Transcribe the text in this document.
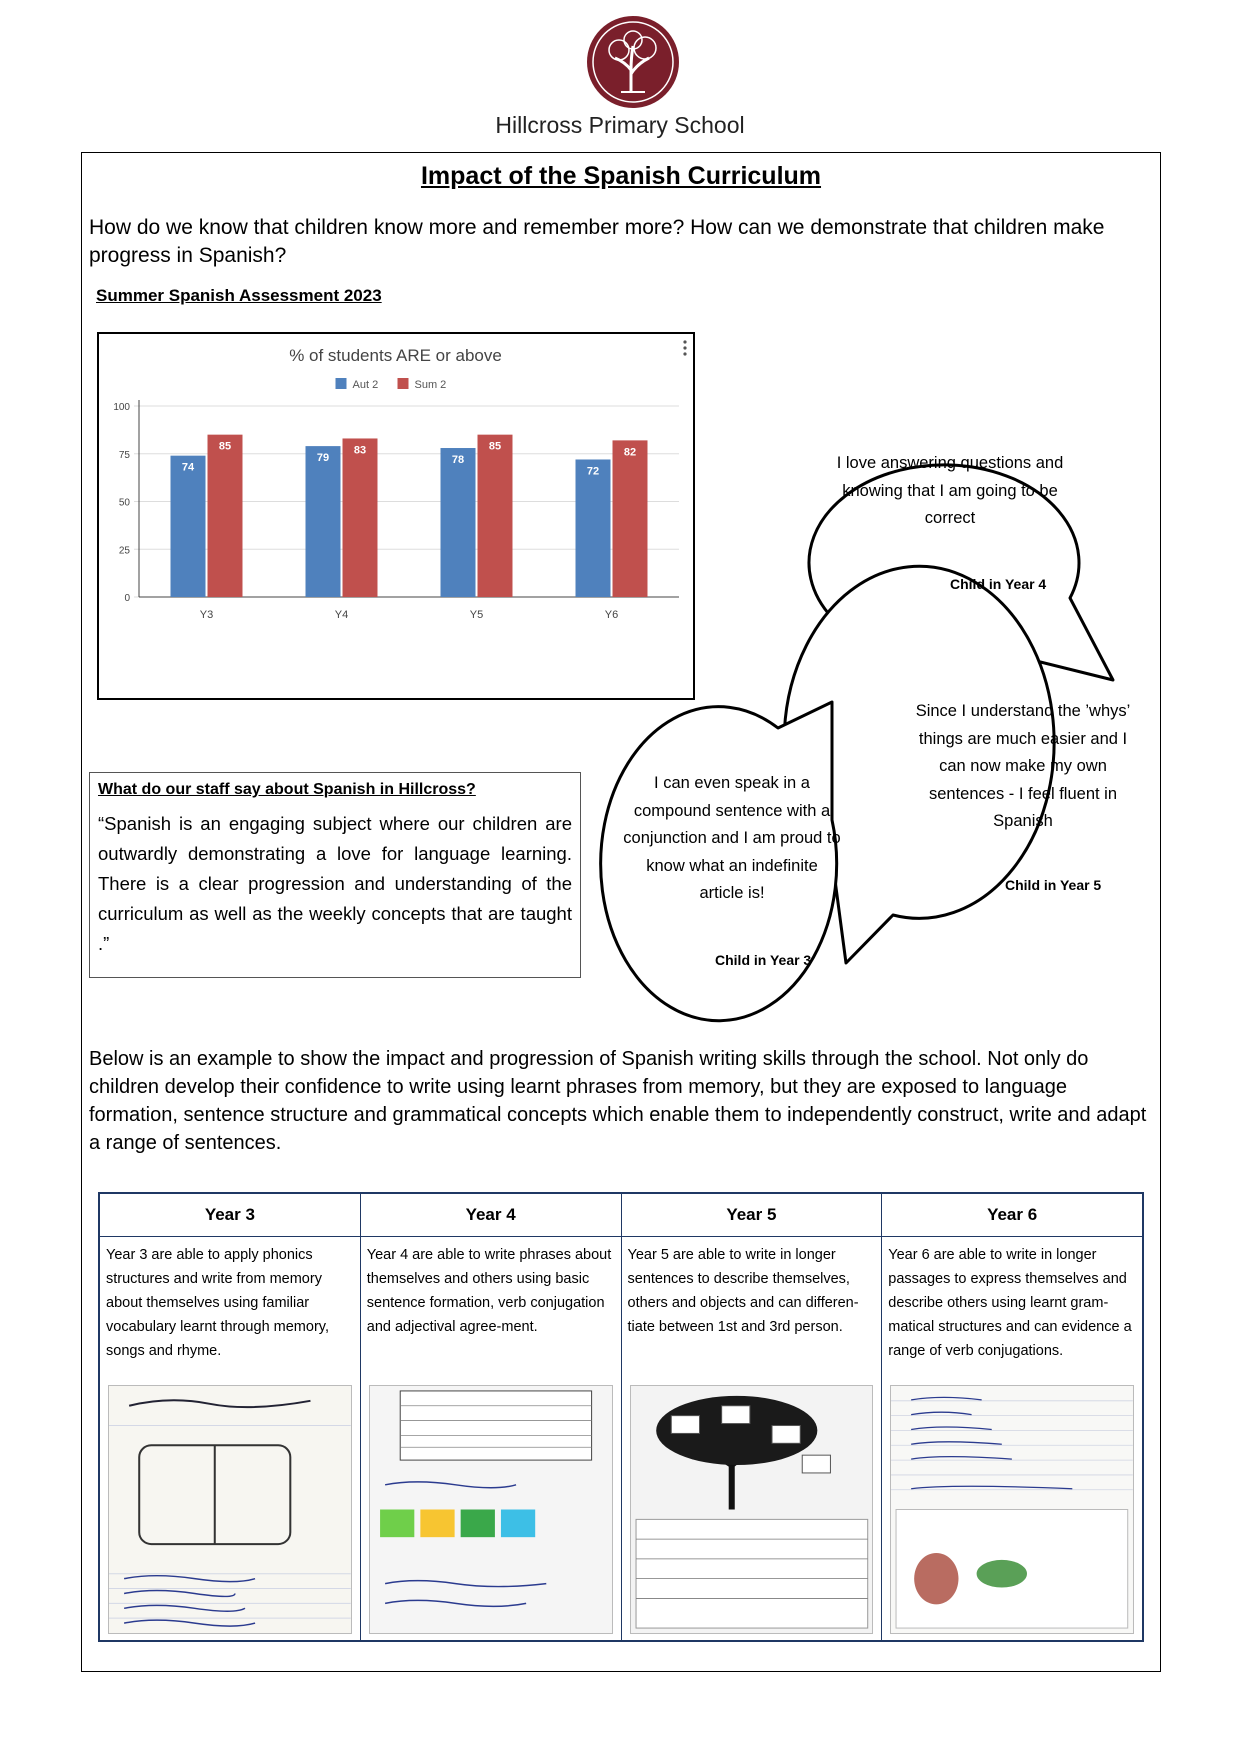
Hillcross Primary School
Impact of the Spanish Curriculum
How do we know that children know more and remember more? How can we demonstrate that children make progress in Spanish?
Summer Spanish Assessment 2023
% of students ARE or above
Aut 2	Sum 2
0
25
50
75
100
74
85
Y3
79
83
Y4
78
85
Y5
72
82
Y6
What do our staff say about Spanish in Hillcross?
“Spanish is an engaging subject where our children are outwardly demonstrating a love for language learning. There is a clear progression and understanding of the curriculum as well as the weekly concepts that are taught .”
I love answering questions and knowing that I am going to be correct
Child in Year 4
Since I understand the ’whys’ things are much easier and I can now make my own sentences - I feel fluent in Spanish
Child in Year 5
I can even speak in a compound sentence with a conjunction and I am proud to know what an indefinite article is!
Child in Year 3
Below is an example to show the impact and progression of Spanish writing skills through the school. Not only do children develop their confidence to write using learnt phrases from memory, but they are exposed to language formation, sentence structure and grammatical concepts which enable them to independently construct, write and adapt a range of sentences.
Year 3
Year 3 are able to apply phonics structures and write from memory about themselves using familiar vocabulary learnt through memory, songs and rhyme.
Year 4
Year 4 are able to write phrases about themselves and others using basic sentence formation, verb conjugation and adjectival agree-ment.
Year 5
Year 5 are able to write in longer sentences to describe themselves, others and objects and can differen-tiate between 1st and 3rd person.
Year 6
Year 6 are able to write in longer passages to express themselves and describe others using learnt gram-matical structures and can evidence a range of verb conjugations.
